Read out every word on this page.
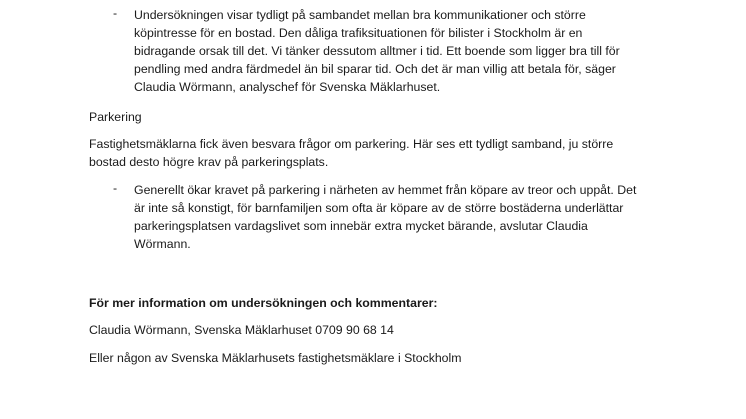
- Undersökningen visar tydligt på sambandet mellan bra kommunikationer och större
köpintresse för en bostad. Den dåliga trafiksituationen för bilister i Stockholm är en
bidragande orsak till det. Vi tänker dessutom alltmer i tid. Ett boende som ligger bra till för
pendling med andra färdmedel än bil sparar tid. Och det är man villig att betala för, säger
Claudia Wörmann, analyschef för Svenska Mäklarhuset.
Parkering
Fastighetsmäklarna fick även besvara frågor om parkering. Här ses ett tydligt samband, ju större
bostad desto högre krav på parkeringsplats.
- Generellt ökar kravet på parkering i närheten av hemmet från köpare av treor och uppåt. Det
är inte så konstigt, för barnfamiljen som ofta är köpare av de större bostäderna underlättar
parkeringsplatsen vardagslivet som innebär extra mycket bärande, avslutar Claudia
Wörmann.
För mer information om undersökningen och kommentarer:
Claudia Wörmann, Svenska Mäklarhuset 0709 90 68 14
Eller någon av Svenska Mäklarhusets fastighetsmäklare i Stockholm
